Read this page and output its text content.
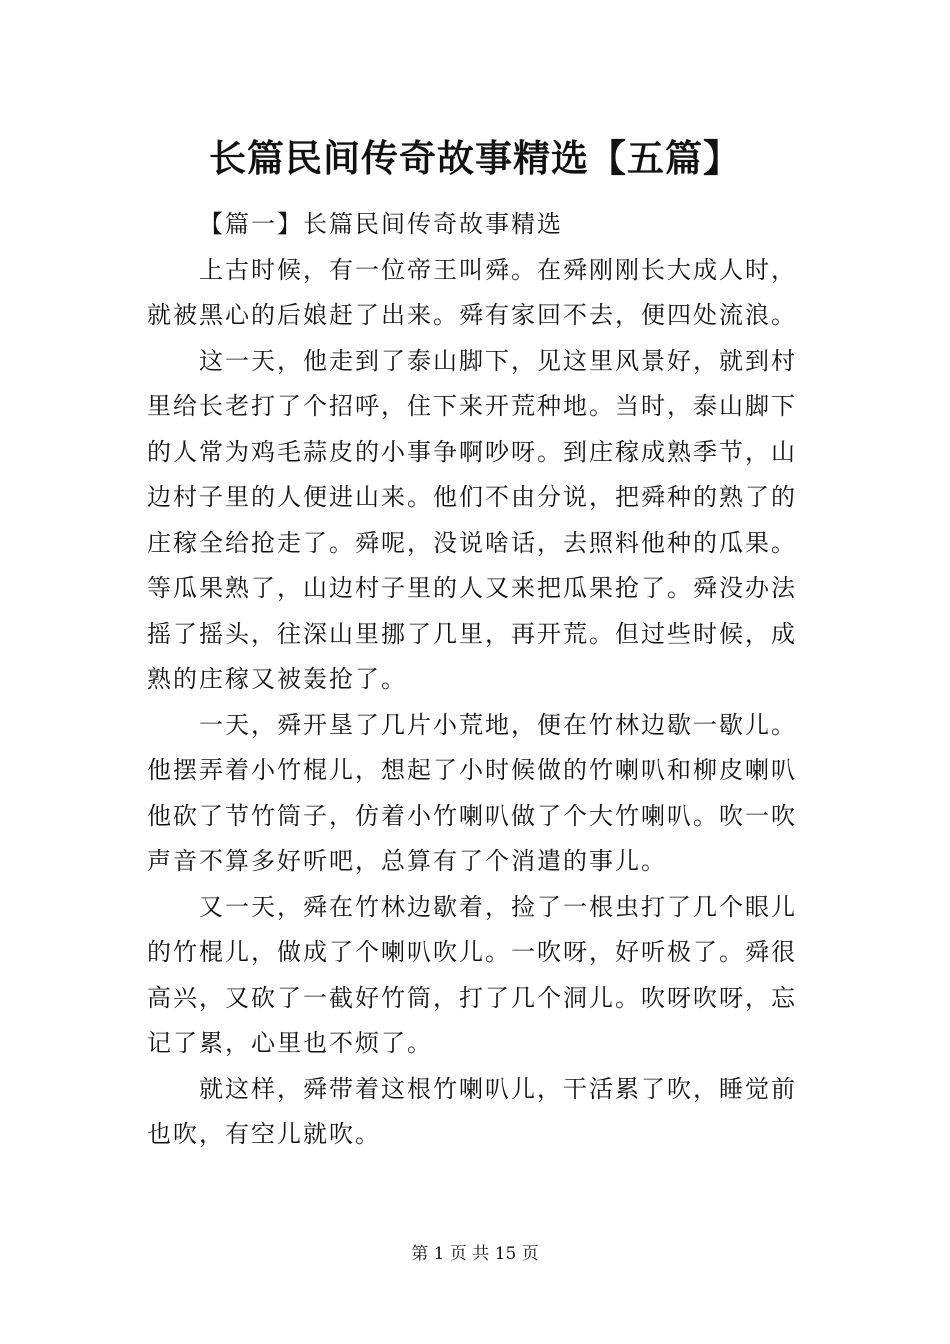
长篇民间传奇故事精选【五篇】

【篇一】长篇民间传奇故事精选

上古时候，有一位帝王叫舜。在舜刚刚长大成人时，
就被黑心的后娘赶了出来。舜有家回不去，便四处流浪。

这一天，他走到了泰山脚下，见这里风景好，就到村
里给长老打了个招呼，住下来开荒种地。当时，泰山脚下
的人常为鸡毛蒜皮的小事争啊吵呀。到庄稼成熟季节，山
边村子里的人便进山来。他们不由分说，把舜种的熟了的
庄稼全给抢走了。舜呢，没说啥话，去照料他种的瓜果。
等瓜果熟了，山边村子里的人又来把瓜果抢了。舜没办法
摇了摇头，往深山里挪了几里，再开荒。但过些时候，成
熟的庄稼又被轰抢了。

一天，舜开垦了几片小荒地，便在竹林边歇一歇儿。
他摆弄着小竹棍儿，想起了小时候做的竹喇叭和柳皮喇叭
他砍了节竹筒子，仿着小竹喇叭做了个大竹喇叭。吹一吹
声音不算多好听吧，总算有了个消遣的事儿。

又一天，舜在竹林边歇着，捡了一根虫打了几个眼儿
的竹棍儿，做成了个喇叭吹儿。一吹呀，好听极了。舜很
高兴，又砍了一截好竹筒，打了几个洞儿。吹呀吹呀，忘
记了累，心里也不烦了。

就这样，舜带着这根竹喇叭儿，干活累了吹，睡觉前
也吹，有空儿就吹。

第 1 页 共 15 页
